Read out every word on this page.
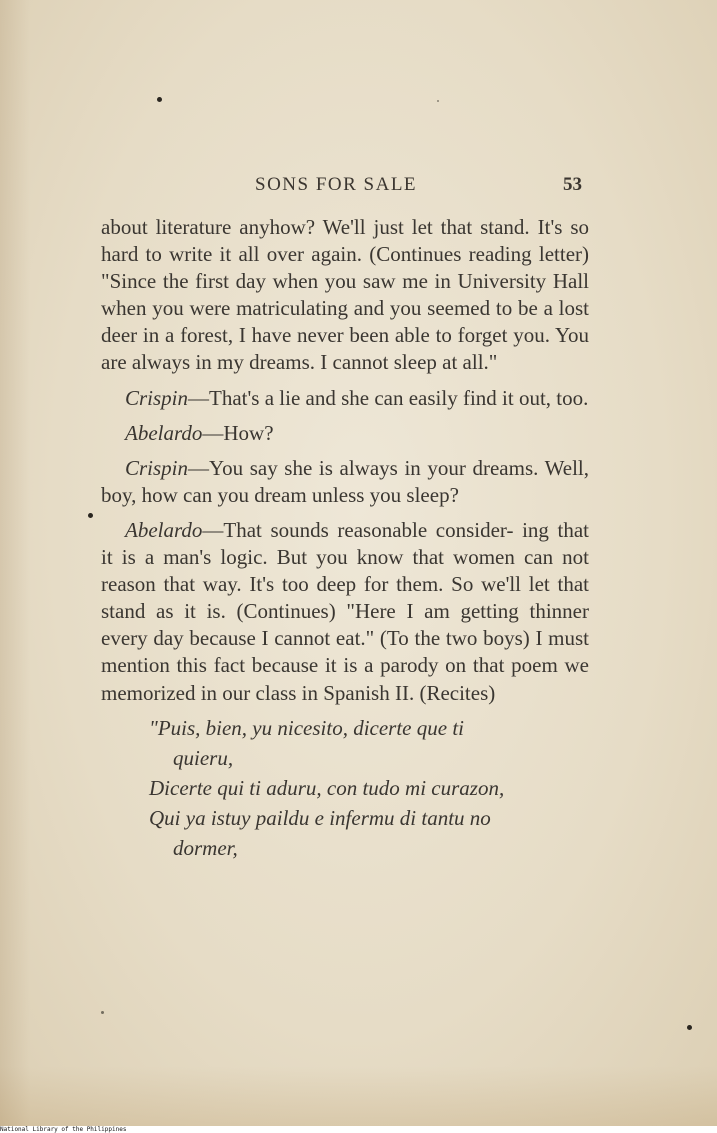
SONS FOR SALE	53

about literature anyhow? We'll just let that stand. It's so hard to write it all over again. (Continues reading letter) "Since the first day when you saw me in University Hall when you were matriculating and you seemed to be a lost deer in a forest, I have never been able to forget you. You are always in my dreams. I cannot sleep at all."

Crispin—That's a lie and she can easily find it out, too.

Abelardo—How?

Crispin—You say she is always in your dreams. Well, boy, how can you dream unless you sleep?

Abelardo—That sounds reasonable consider- ing that it is a man's logic. But you know that women can not reason that way. It's too deep for them. So we'll let that stand as it is. (Continues) "Here I am getting thinner every day because I cannot eat." (To the two boys) I must mention this fact because it is a parody on that poem we memorized in our class in Spanish II. (Recites)

"Puis, bien, yu nicesito, dicerte que ti
quieru,
Dicerte qui ti aduru, con tudo mi curazon,
Qui ya istuy paildu e infermu di tantu no
dormer,
National Library of the Philippines
